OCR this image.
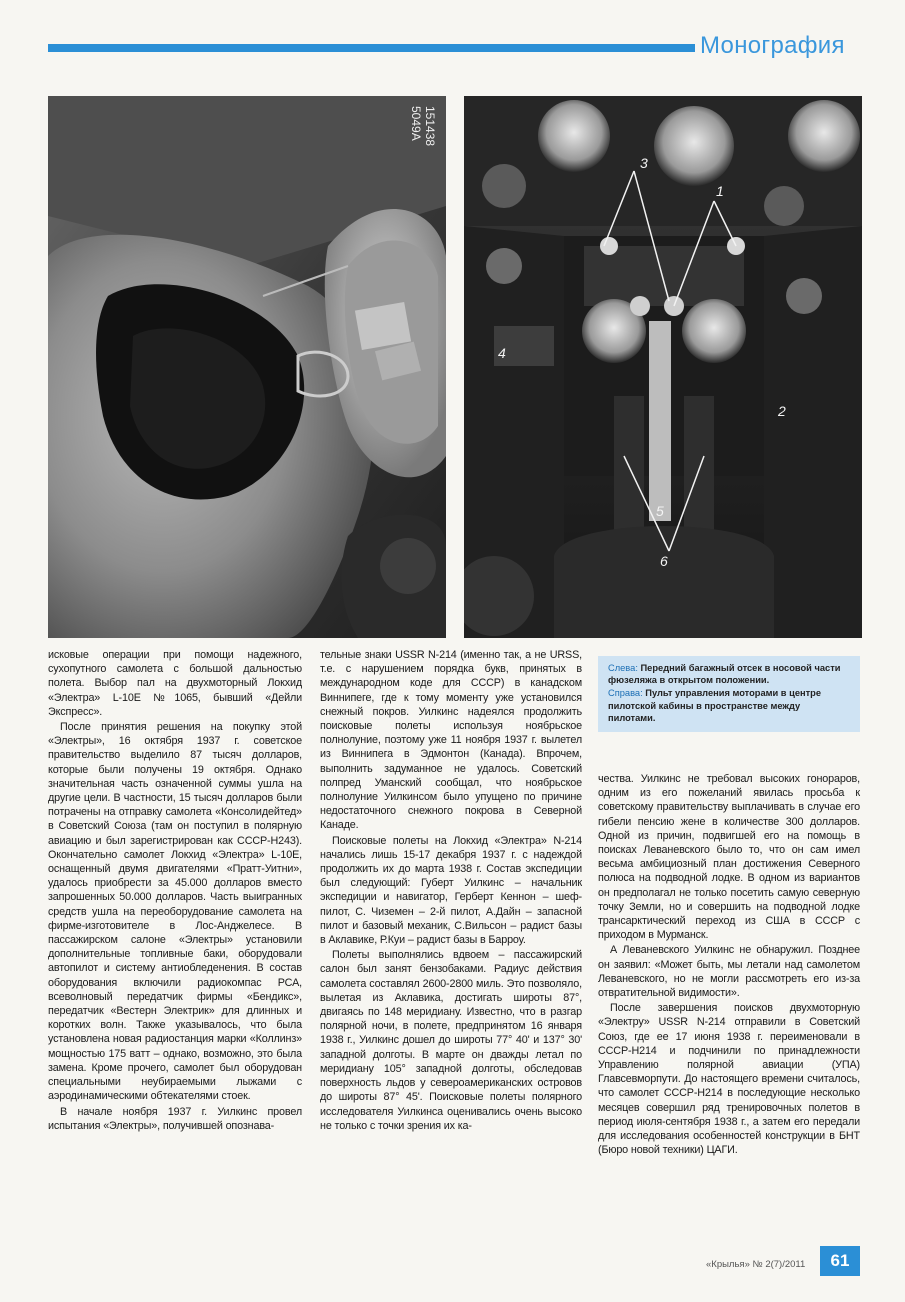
Монография
5049А 151438
3
1
2
4
5
6

исковые операции при помощи надежного, сухопутного самолета с большой дальностью полета. Выбор пал на двухмоторный Локхид «Электра» L-10E №1065, бывший «Дейли Экспресс».

После принятия решения на покупку этой «Электры», 16 октября 1937 г. советское правительство выделило 87 тысяч долларов, которые были получены 19 октября. Однако значительная часть означенной суммы ушла на другие цели. В частности, 15 тысяч долларов были потрачены на отправку самолета «Консолидейтед» в Советский Союза (там он поступил в полярную авиацию и был зарегистрирован как СССР-Н243). Окончательно самолет Локхид «Электра» L-10E, оснащенный двумя двигателями «Пратт-Уитни», удалось приобрести за 45.000 долларов вместо запрошенных 50.000 долларов. Часть выигранных средств ушла на переоборудование самолета на фирме-изготовителе в Лос-Анджелесе. В пассажирском салоне «Электры» установили дополнительные топливные баки, оборудовали автопилот и систему антиобледенения. В состав оборудования включили радиокомпас РСА, всеволновый передатчик фирмы «Бендикс», передатчик «Вестерн Электрик» для длинных и коротких волн. Также указывалось, что была установлена новая радиостанция марки «Коллинз» мощностью 175 ватт – однако, возможно, это была замена. Кроме прочего, самолет был оборудован специальными неубираемыми лыжами с аэродинамическими обтекателями стоек.

В начале ноября 1937 г. Уилкинс провел испытания «Электры», получившей опознава-

тельные знаки USSR N-214 (именно так, а не URSS, т.е. с нарушением порядка букв, принятых в международном коде для СССР) в канадском Виннипеге, где к тому моменту уже установился снежный покров. Уилкинс надеялся продолжить поисковые полеты используя ноябрьское полнолуние, поэтому уже 11 ноября 1937 г. вылетел из Виннипега в Эдмонтон (Канада). Впрочем, выполнить задуманное не удалось. Советский полпред Уманский сообщал, что ноябрьское полнолуние Уилкинсом было упущено по причине недостаточного снежного покрова в Северной Канаде.

Поисковые полеты на Локхид «Электра» N-214 начались лишь 15-17 декабря 1937 г. с надеждой продолжить их до марта 1938 г. Состав экспедиции был следующий: Губерт Уилкинс – начальник экспедиции и навигатор, Герберт Кеннон – шеф-пилот, С. Чиземен – 2-й пилот, А.Дайн – запасной пилот и базовый механик, С.Вильсон – радист базы в Аклавике, Р.Куи – радист базы в Барроу.

Полеты выполнялись вдвоем – пассажирский салон был занят бензобаками. Радиус действия самолета составлял 2600-2800 миль. Это позволяло, вылетая из Аклавика, достигать широты 87°, двигаясь по 148 меридиану. Известно, что в разгар полярной ночи, в полете, предпринятом 16 января 1938 г., Уилкинс дошел до широты 77° 40' и 137° 30' западной долготы. В марте он дважды летал по меридиану 105° западной долготы, обследовав поверхность льдов у североамериканских островов до широты 87° 45'. Поисковые полеты полярного исследователя Уилкинса оценивались очень высоко не только с точки зрения их ка-

Слева: Передний багажный отсек в носовой части фюзеляжа в открытом положении.
Справа: Пульт управления моторами в центре пилотской кабины в пространстве между пилотами.

чества. Уилкинс не требовал высоких гонораров, одним из его пожеланий явилась просьба к советскому правительству выплачивать в случае его гибели пенсию жене в количестве 300 долларов. Одной из причин, подвигшей его на помощь в поисках Леваневского было то, что он сам имел весьма амбициозный план достижения Северного полюса на подводной лодке. В одном из вариантов он предполагал не только посетить самую северную точку Земли, но и совершить на подводной лодке трансарктический переход из США в СССР с приходом в Мурманск.

А Леваневского Уилкинс не обнаружил. Позднее он заявил: «Может быть, мы летали над самолетом Леваневского, но не могли рассмотреть его из-за отвратительной видимости».

После завершения поисков двухмоторную «Электру» USSR N-214 отправили в Советский Союз, где ее 17 июня 1938 г. переименовали в СССР-Н214 и подчинили по принадлежности Управлению полярной авиации (УПА) Главсевморпути. До настоящего времени считалось, что самолет СССР-Н214 в последующие несколько месяцев совершил ряд тренировочных полетов в период июля-сентября 1938 г., а затем его передали для исследования особенностей конструкции в БНТ (Бюро новой техники) ЦАГИ.

«Крылья» № 2(7)/2011	61
